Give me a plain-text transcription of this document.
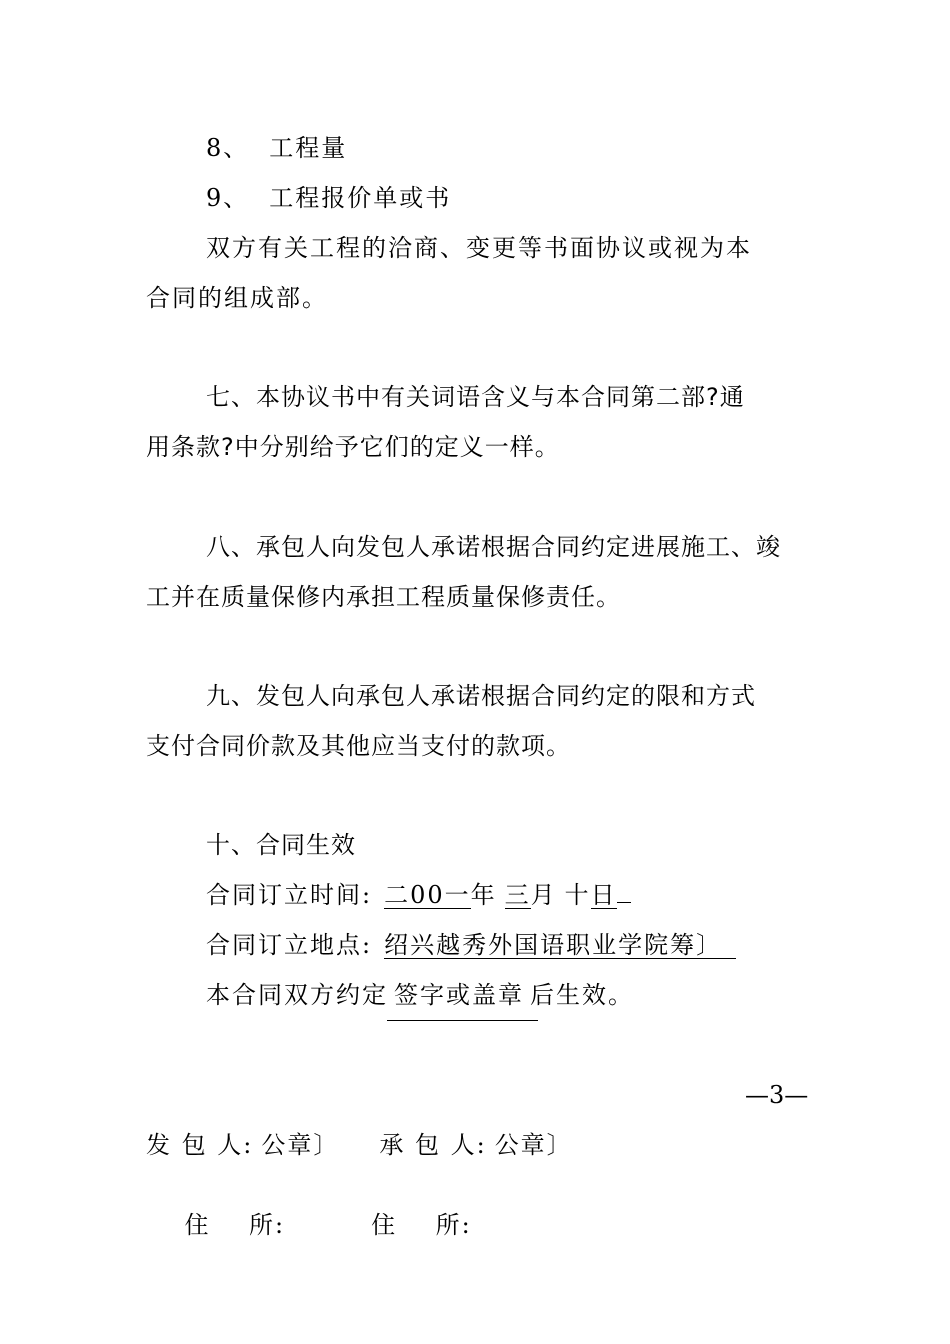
8、 工程量
9、 工程报价单或书
双方有关工程的洽商、变更等书面协议或视为本
合同的组成部。
七、本协议书中有关词语含义与本合同第二部?通
用条款?中分别给予它们的定义一样。
八、承包人向发包人承诺根据合同约定进展施工、竣
工并在质量保修内承担工程质量保修责任。
九、发包人向承包人承诺根据合同约定的限和方式
支付合同价款及其他应当支付的款项。
十、合同生效
合同订立时间: 二00一年 三月 十日
合同订立地点: 绍兴越秀外国语职业学院筹〕
本合同双方约定 签字或盖章 后生效。
—3—
发 包 人: 公章〕 承 包 人: 公章〕

住    所:	住    所:
